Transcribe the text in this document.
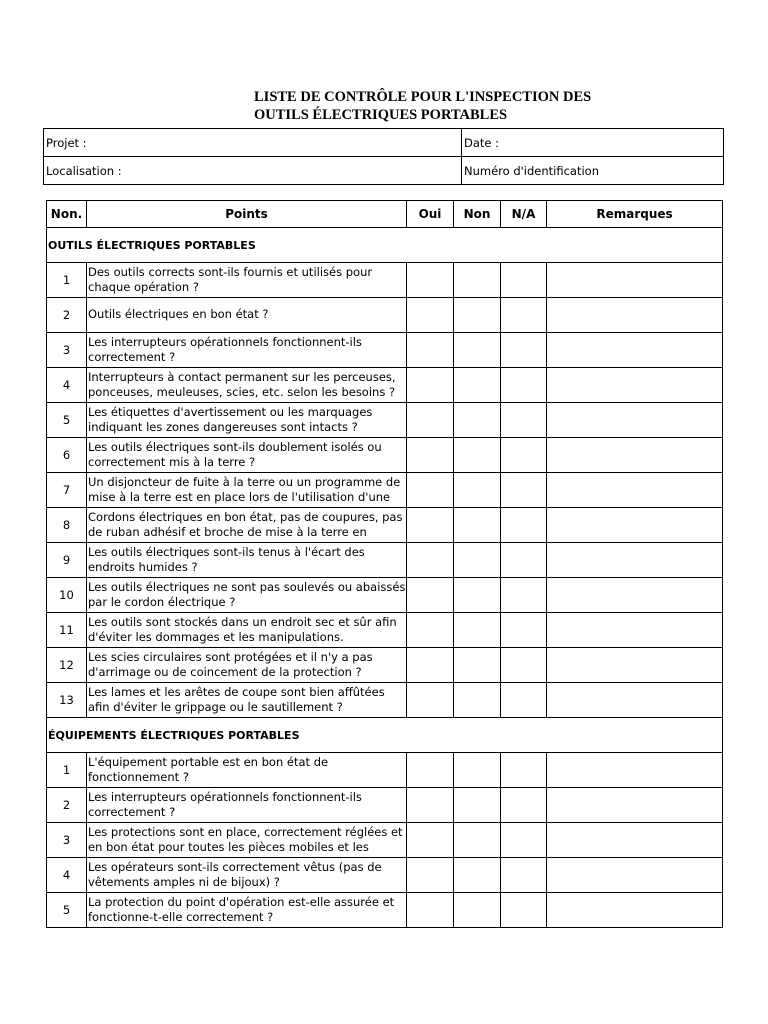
LISTE DE CONTRÔLE POUR L'INSPECTION DES
OUTILS ÉLECTRIQUES PORTABLES
Projet :	Date :
Localisation :	Numéro d'identification
Non.	Points	Oui	Non	N/A	Remarques
OUTILS ÉLECTRIQUES PORTABLES					
1	Des outils corrects sont-ils fournis et utilisés pour chaque opération ?				

2	Outils électriques en bon état ?				

3	Les interrupteurs opérationnels fonctionnent-ils correctement ?				

4	Interrupteurs à contact permanent sur les perceuses, ponceuses, meuleuses, scies, etc. selon les besoins ?				

5	Les étiquettes d'avertissement ou les marquages indiquant les zones dangereuses sont intacts ?				

6	Les outils électriques sont-ils doublement isolés ou correctement mis à la terre ?				

7	Un disjoncteur de fuite à la terre ou un programme de mise à la terre est en place lors de l'utilisation d'une				

8	Cordons électriques en bon état, pas de coupures, pas de ruban adhésif et broche de mise à la terre en				

9	Les outils électriques sont-ils tenus à l'écart des endroits humides ?				

10	Les outils électriques ne sont pas soulevés ou abaissés par le cordon électrique ?				

11	Les outils sont stockés dans un endroit sec et sûr afin d'éviter les dommages et les manipulations.				

12	Les scies circulaires sont protégées et il n'y a pas d'arrimage ou de coincement de la protection ?				

13	Les lames et les arêtes de coupe sont bien affûtées afin d'éviter le grippage ou le sautillement ?				

ÉQUIPEMENTS ÉLECTRIQUES PORTABLES					
1	L'équipement portable est en bon état de fonctionnement ?				

2	Les interrupteurs opérationnels fonctionnent-ils correctement ?				

3	Les protections sont en place, correctement réglées et en bon état pour toutes les pièces mobiles et les				

4	Les opérateurs sont-ils correctement vêtus (pas de vêtements amples ni de bijoux) ?				

5	La protection du point d'opération est-elle assurée et fonctionne-t-elle correctement ?				
